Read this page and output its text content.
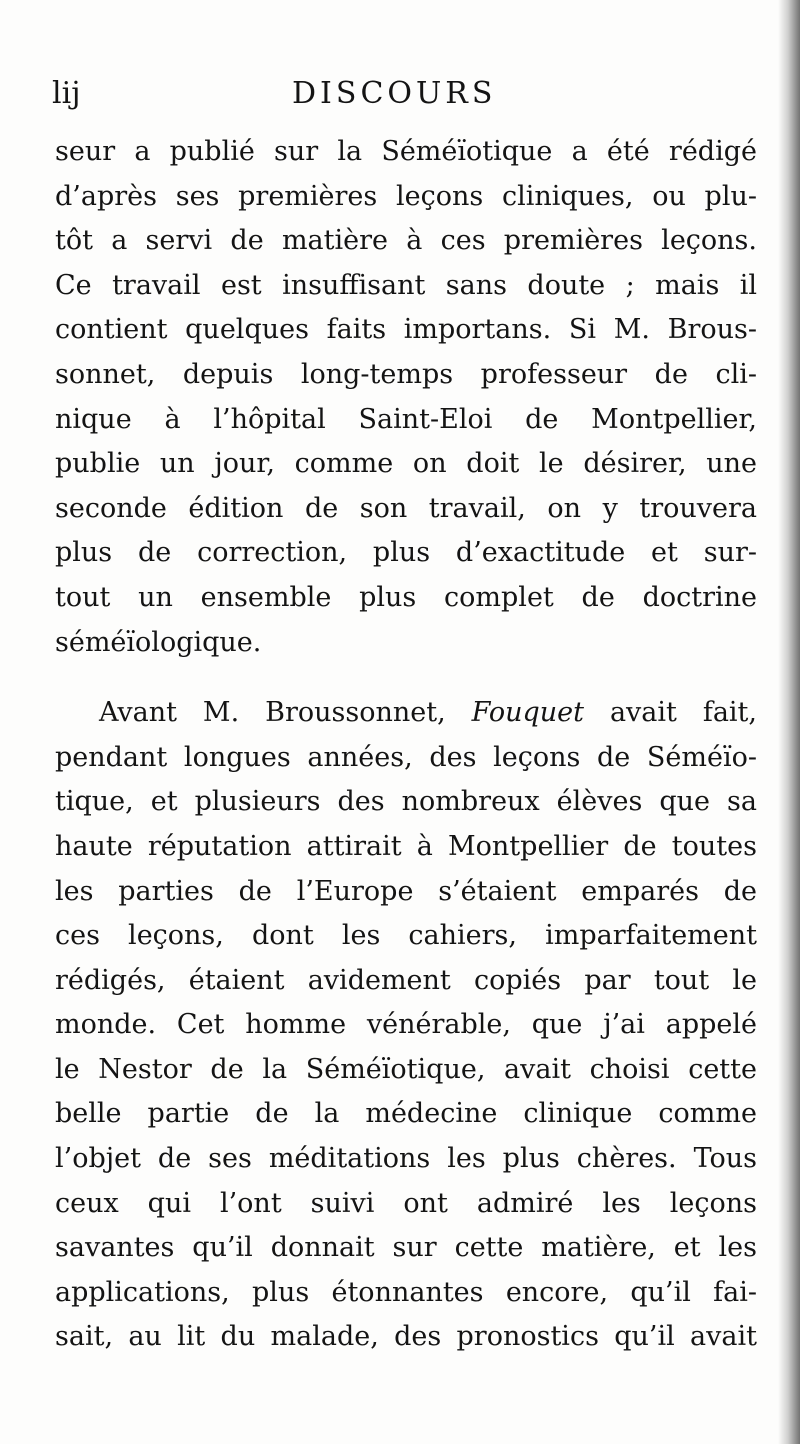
lij	DISCOURS
seur a publié sur la Séméïotique a été rédigé
d’après ses premières leçons cliniques, ou plu-
tôt a servi de matière à ces premières leçons.
Ce travail est insuffisant sans doute ; mais il
contient quelques faits importans. Si M. Brous-
sonnet, depuis long-temps professeur de cli-
nique à l’hôpital Saint-Eloi de Montpellier,
publie un jour, comme on doit le désirer, une
seconde édition de son travail, on y trouvera
plus de correction, plus d’exactitude et sur-
tout un ensemble plus complet de doctrine
séméïologique.
Avant M. Broussonnet, Fouquet avait fait,
pendant longues années, des leçons de Séméïo-
tique, et plusieurs des nombreux élèves que sa
haute réputation attirait à Montpellier de toutes
les parties de l’Europe s’étaient emparés de
ces leçons, dont les cahiers, imparfaitement
rédigés, étaient avidement copiés par tout le
monde. Cet homme vénérable, que j’ai appelé
le Nestor de la Séméïotique, avait choisi cette
belle partie de la médecine clinique comme
l’objet de ses méditations les plus chères. Tous
ceux qui l’ont suivi ont admiré les leçons
savantes qu’il donnait sur cette matière, et les
applications, plus étonnantes encore, qu’il fai-
sait, au lit du malade, des pronostics qu’il avait
